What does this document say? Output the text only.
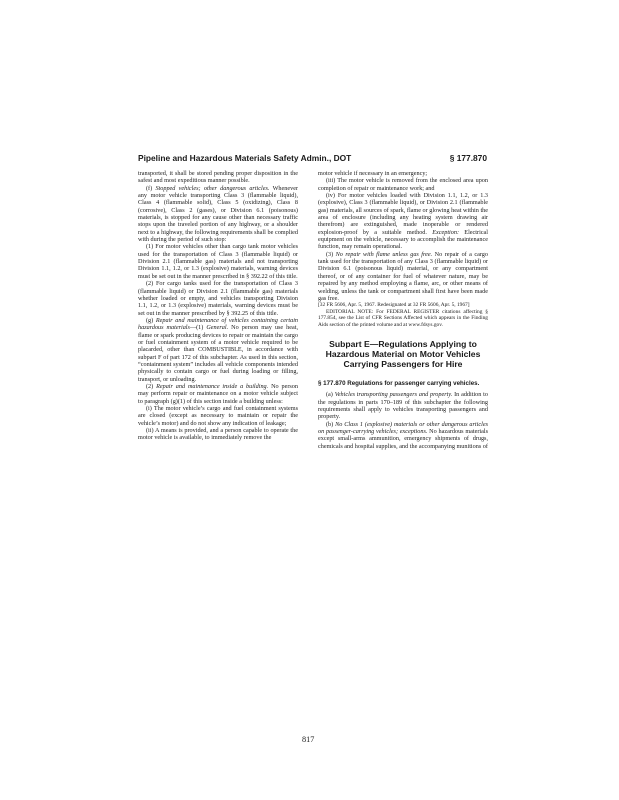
Pipeline and Hazardous Materials Safety Admin., DOT	§ 177.870

transported, it shall be stored pending proper disposition in the safest and most expeditious manner possible.

(f) Stopped vehicles; other dangerous articles. Whenever any motor vehicle transporting Class 3 (flammable liquid), Class 4 (flammable solid), Class 5 (oxidizing), Class 8 (corrosive), Class 2 (gases), or Division 6.1 (poisonous) materials, is stopped for any cause other than necessary traffic stops upon the traveled portion of any highway, or a shoulder next to a highway, the following requirements shall be complied with during the period of such stop:

(1) For motor vehicles other than cargo tank motor vehicles used for the transportation of Class 3 (flammable liquid) or Division 2.1 (flammable gas) materials and not transporting Division 1.1, 1.2, or 1.3 (explosive) materials, warning devices must be set out in the manner prescribed in § 392.22 of this title.

(2) For cargo tanks used for the transportation of Class 3 (flammable liquid) or Division 2.1 (flammable gas) materials whether loaded or empty, and vehicles transporting Division 1.1, 1.2, or 1.3 (explosive) materials, warning devices must be set out in the manner prescribed by § 392.25 of this title.

(g) Repair and maintenance of vehicles containing certain hazardous materials—(1) General. No person may use heat, flame or spark producing devices to repair or maintain the cargo or fuel containment system of a motor vehicle required to be placarded, other than COMBUSTIBLE, in accordance with subpart F of part 172 of this subchapter. As used in this section, “containment system” includes all vehicle components intended physically to contain cargo or fuel during loading or filling, transport, or unloading.

(2) Repair and maintenance inside a building. No person may perform repair or maintenance on a motor vehicle subject to paragraph (g)(1) of this section inside a building unless:

(i) The motor vehicle’s cargo and fuel containment systems are closed (except as necessary to maintain or repair the vehicle’s motor) and do not show any indication of leakage;

(ii) A means is provided, and a person capable to operate the motor vehicle is available, to immediately remove the

motor vehicle if necessary in an emergency;

(iii) The motor vehicle is removed from the enclosed area upon completion of repair or maintenance work; and

(iv) For motor vehicles loaded with Division 1.1, 1.2, or 1.3 (explosive), Class 3 (flammable liquid), or Division 2.1 (flammable gas) materials, all sources of spark, flame or glowing heat within the area of enclosure (including any heating system drawing air therefrom) are extinguished, made inoperable or rendered explosion-proof by a suitable method. Exception: Electrical equipment on the vehicle, necessary to accomplish the maintenance function, may remain operational.

(3) No repair with flame unless gas free. No repair of a cargo tank used for the transportation of any Class 3 (flammable liquid) or Division 6.1 (poisonous liquid) material, or any compartment thereof, or of any container for fuel of whatever nature, may be repaired by any method employing a flame, arc, or other means of welding, unless the tank or compartment shall first have been made gas free.

[32 FR 5606, Apr. 5, 1967. Redesignated at 32 FR 5606, Apr. 5, 1967]

EDITORIAL NOTE: For FEDERAL REGISTER citations affecting § 177.854, see the List of CFR Sections Affected which appears in the Finding Aids section of the printed volume and at www.fdsys.gov.

Subpart E—Regulations Applying to Hazardous Material on Motor Vehicles Carrying Passengers for Hire
§ 177.870 Regulations for passenger carrying vehicles.

(a) Vehicles transporting passengers and property. In addition to the regulations in parts 170–189 of this subchapter the following requirements shall apply to vehicles transporting passengers and property.

(b) No Class 1 (explosive) materials or other dangerous articles on passenger-carrying vehicles; exceptions. No hazardous materials except small-arms ammunition, emergency shipments of drugs, chemicals and hospital supplies, and the accompanying munitions of

817
